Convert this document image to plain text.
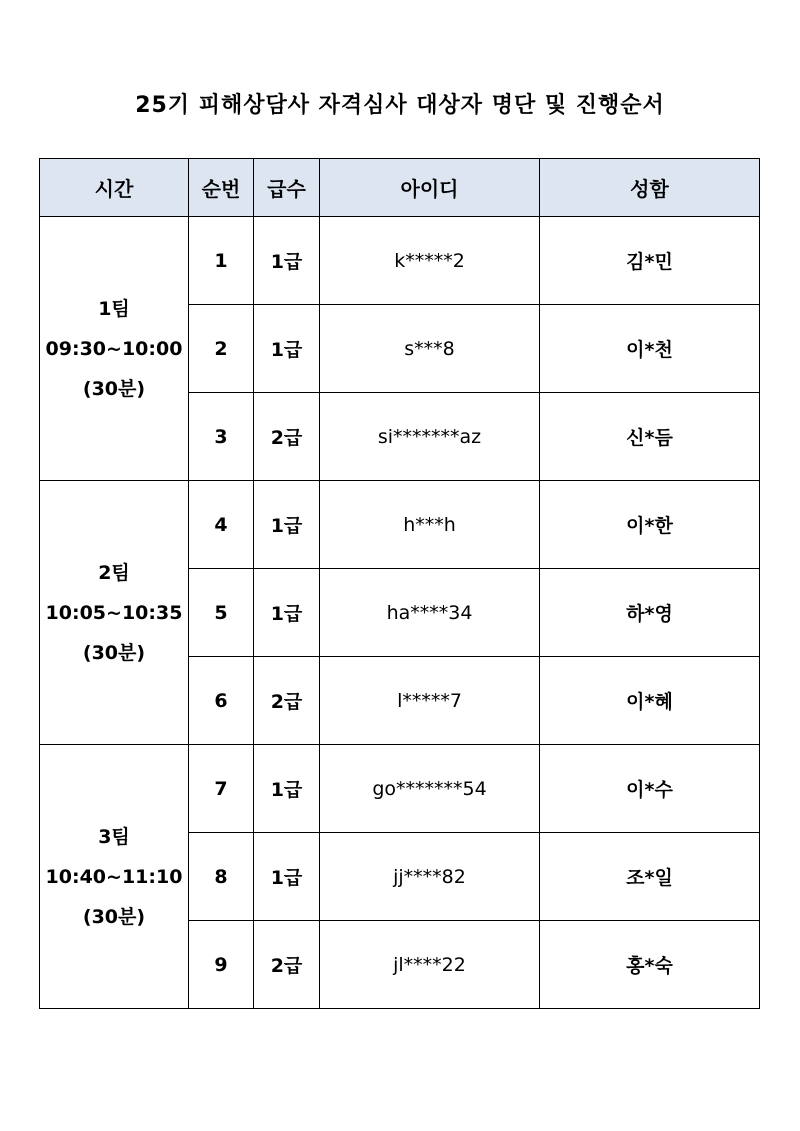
25기 피해상담사 자격심사 대상자 명단 및 진행순서
시간	순번	급수	아이디	성함

1팀
09:30~10:00
(30분)	1	1급	k*****2	김*민
	2	1급	s***8	이*천
	3	2급	si*******az	신*듬

2팀
10:05~10:35
(30분)	4	1급	h***h	이*한
	5	1급	ha****34	하*영
	6	2급	l*****7	이*혜

3팀
10:40~11:10
(30분)	7	1급	go*******54	이*수
	8	1급	jj****82	조*일
	9	2급	jl****22	홍*숙
